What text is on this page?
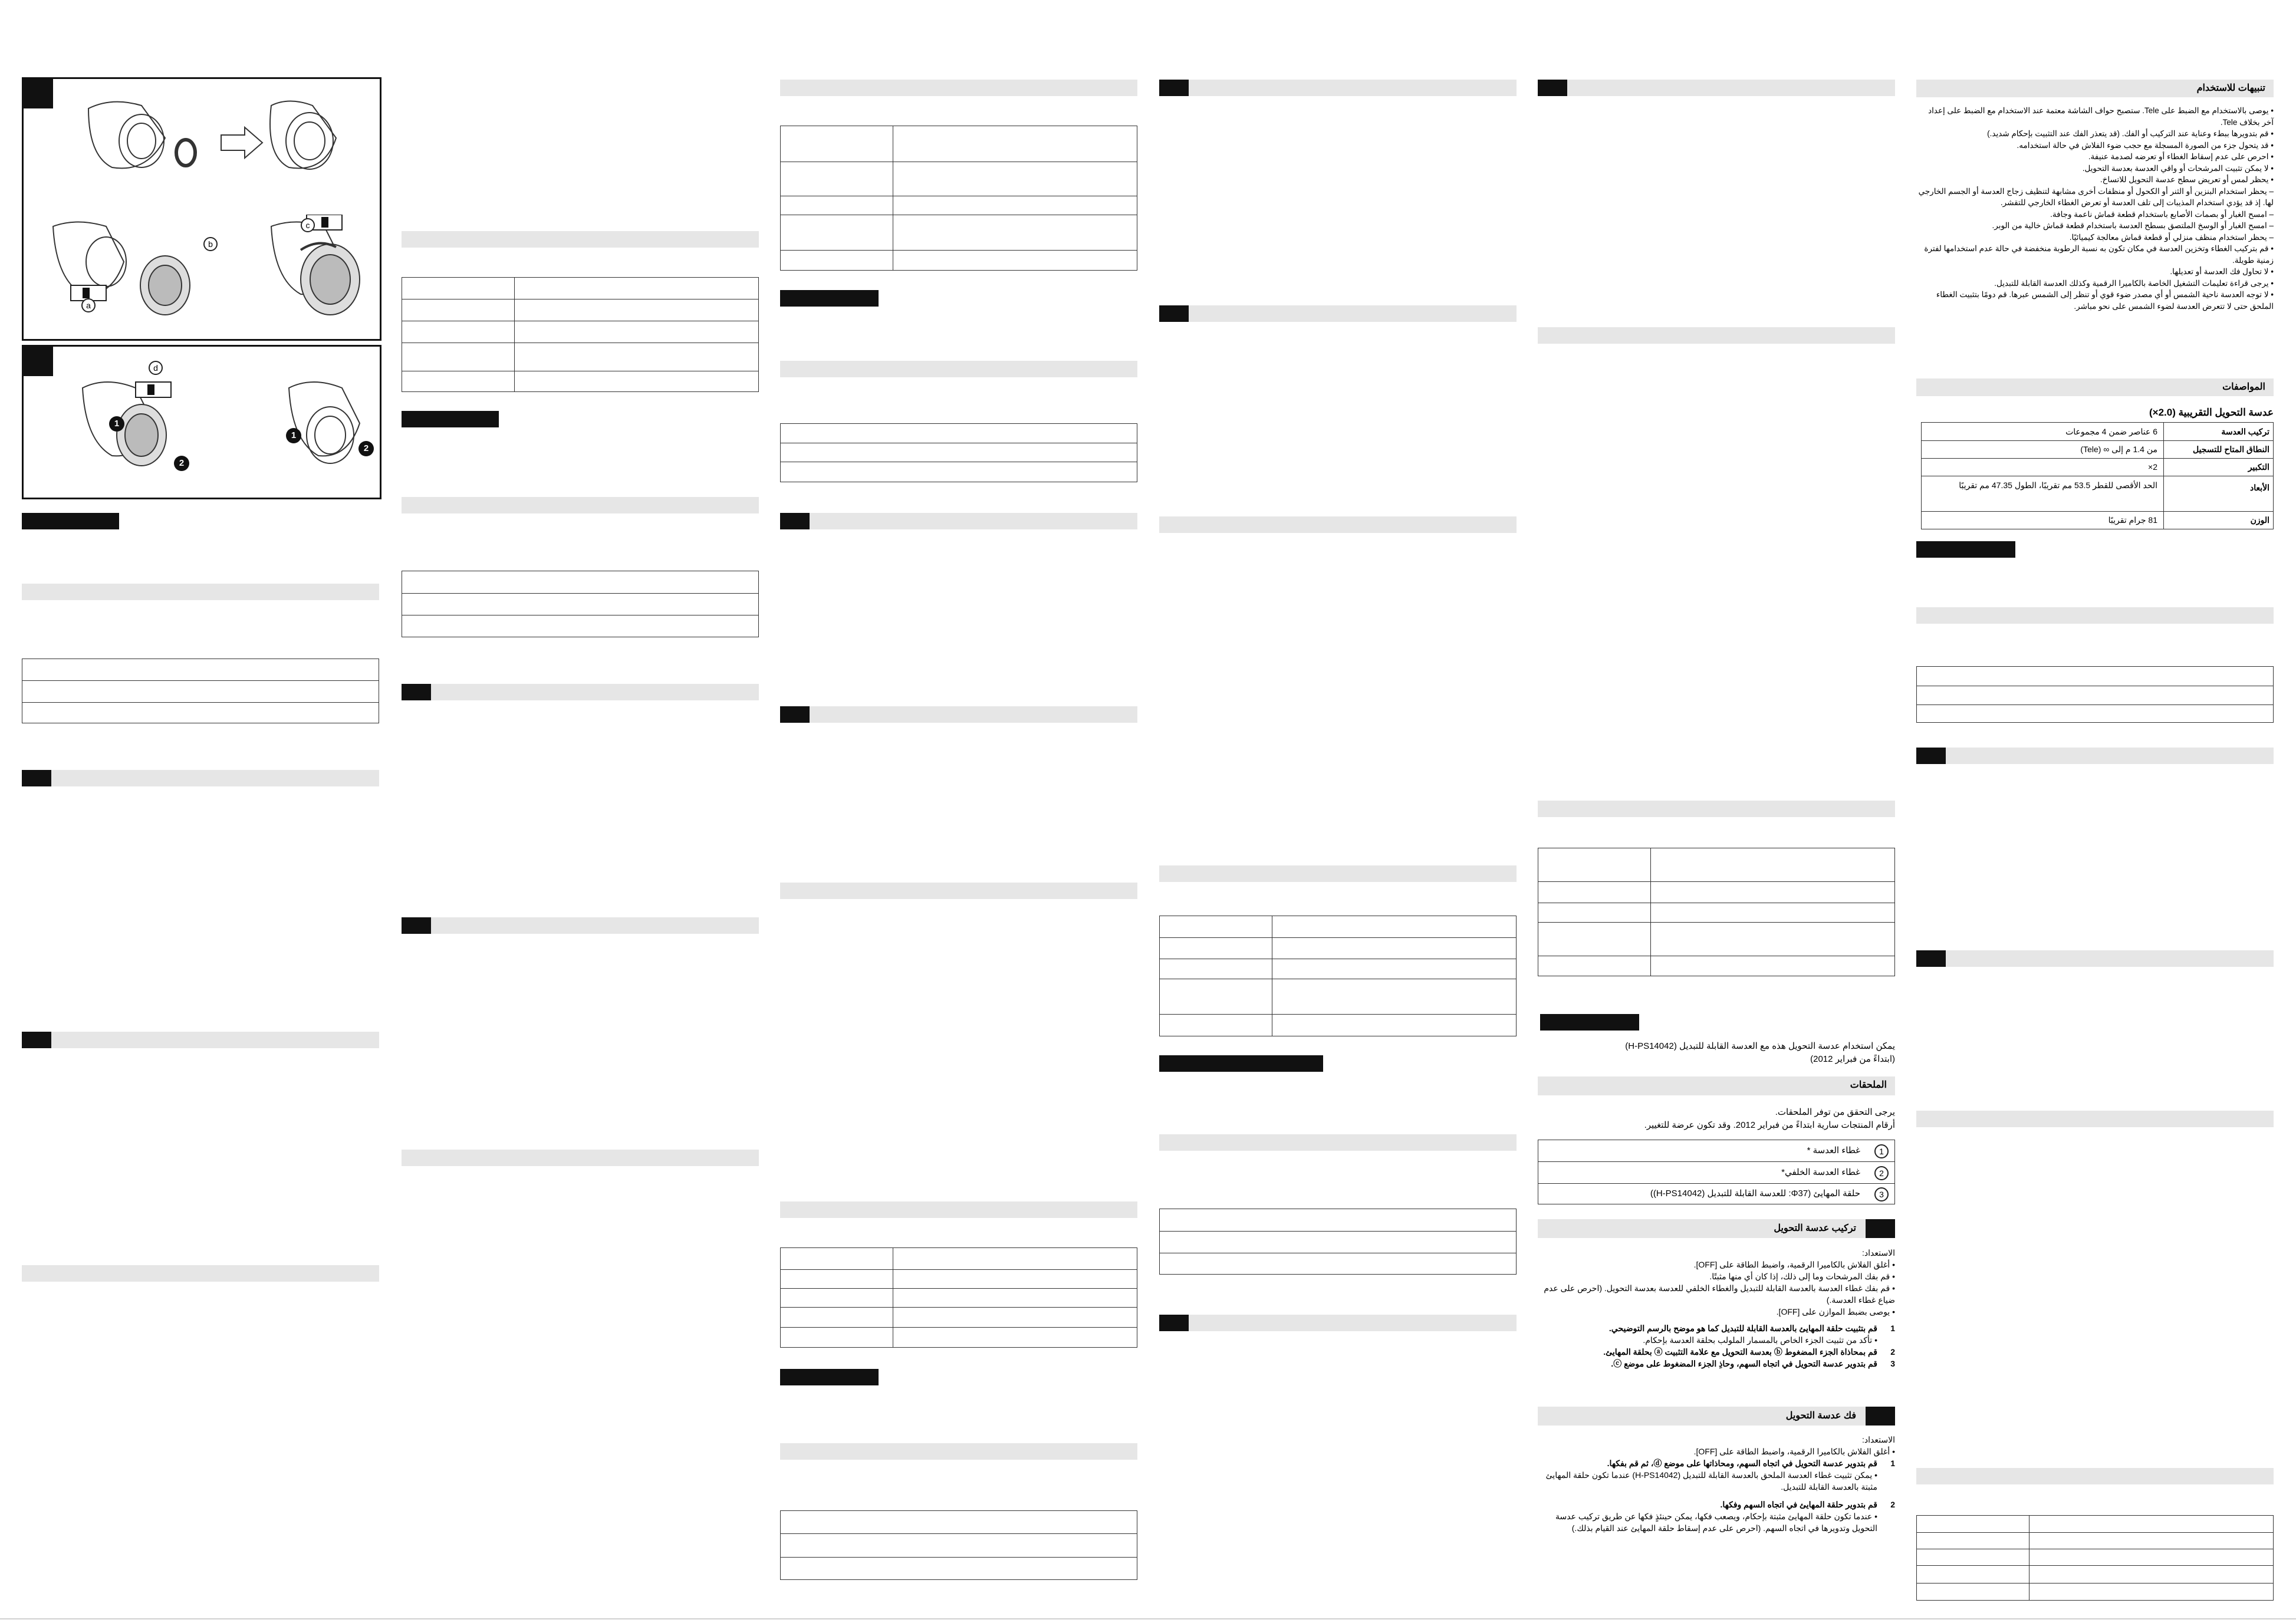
a
b
c
d
1
2
1
2
يمكن استخدام عدسة التحويل هذه مع العدسة القابلة للتبديل (H-PS14042)
(ابتداءً من فبراير 2012)
الملحقات
يرجى التحقق من توفر الملحقات.
أرقام المنتجات سارية ابتداءً من فبراير 2012. وقد تكون عرضة للتغيير.
1
غطاء العدسة *
2
غطاء العدسة الخلفي*
3
حلقة المهايئ (Φ37: للعدسة القابلة للتبديل (H-PS14042))
تركيب عدسة التحويل
الاستعداد:
• أغلق الفلاش بالكاميرا الرقمية، واضبط الطاقة على [OFF].
• قم بفك المرشحات وما إلى ذلك، إذا كان أي منها مثبتًا.
• قم بفك غطاء العدسة بالعدسة القابلة للتبديل والغطاء الخلفي للعدسة بعدسة التحويل. (احرص على عدم ضياع غطاء العدسة.)
• يوصى بضبط الموازن على [OFF].
1
قم بتثبيت حلقة المهايئ بالعدسة القابلة للتبديل كما هو موضح بالرسم التوضيحي.
• تأكد من تثبيت الجزء الخاص بالمسمار الملولب بحلقة العدسة بإحكام.
2
قم بمحاذاة الجزء المضغوط ⓑ بعدسة التحويل مع علامة التثبيت ⓐ بحلقة المهايئ.
3
قم بتدوير عدسة التحويل في اتجاه السهم، وحاذِ الجزء المضغوط على موضع ⓒ.
فك عدسة التحويل
الاستعداد:
• أغلق الفلاش بالكاميرا الرقمية، واضبط الطاقة على [OFF].
1
قم بتدوير عدسة التحويل في اتجاه السهم، ومحاذاتها على موضع ⓓ، ثم قم بفكها.
• يمكن تثبيت غطاء العدسة الملحق بالعدسة القابلة للتبديل (H-PS14042) عندما تكون حلقة المهايئ مثبتة بالعدسة القابلة للتبديل.
2
قم بتدوير حلقة المهايئ في اتجاه السهم وفكها.
• عندما تكون حلقة المهايئ مثبتة بإحكام، ويصعب فكها، يمكن حينئذٍ فكها عن طريق تركيب عدسة التحويل وتدويرها في اتجاه السهم. (احرص على عدم إسقاط حلقة المهايئ عند القيام بذلك.)
تنبيهات للاستخدام
• يوصى بالاستخدام مع الضبط على Tele. ستصبح حواف الشاشة معتمة عند الاستخدام مع الضبط على إعداد آخر بخلاف Tele.
• قم بتدويرها ببطء وعناية عند التركيب أو الفك. (قد يتعذر الفك عند التثبيت بإحكام شديد.)
• قد يتحول جزء من الصورة المسجلة مع حجب ضوء الفلاش في حالة استخدامه.
• احرص على عدم إسقاط الغطاء أو تعرضه لصدمة عنيفة.
• لا يمكن تثبيت المرشحات أو واقي العدسة بعدسة التحويل.
• يحظر لمس أو تعريض سطح عدسة التحويل للاتساخ.
– يحظر استخدام البنزين أو الثنر أو الكحول أو منظفات أخرى مشابهة لتنظيف زجاج العدسة أو الجسم الخارجي لها. إذ قد يؤدي استخدام المذيبات إلى تلف العدسة أو تعرض الغطاء الخارجي للتقشر.
– امسح الغبار أو بصمات الأصابع باستخدام قطعة قماش ناعمة وجافة.
– امسح الغبار أو الوسخ الملتصق بسطح العدسة باستخدام قطعة قماش خالية من الوبر.
– يحظر استخدام منظف منزلي أو قطعة قماش معالجة كيميائيًا.
• قم بتركيب الغطاء وتخزين العدسة في مكان تكون به نسبة الرطوبة منخفضة في حالة عدم استخدامها لفترة زمنية طويلة.
• لا تحاول فك العدسة أو تعديلها.
• يرجى قراءة تعليمات التشغيل الخاصة بالكاميرا الرقمية وكذلك العدسة القابلة للتبديل.
• لا توجه العدسة ناحية الشمس أو أي مصدر ضوء قوي أو تنظر إلى الشمس عبرها. قم دومًا بتثبيت الغطاء الملحق حتى لا تتعرض العدسة لضوء الشمس على نحو مباشر.
المواصفات
عدسة التحويل التقريبية (2.0×)
تركيب العدسة
6 عناصر ضمن 4 مجموعات
النطاق المتاح للتسجيل
من 1.4 م إلى ∞ (Tele)
التكبير
2×
الأبعاد
الحد الأقصى للقطر 53.5 مم تقريبًا، الطول 47.35 مم تقريبًا
الوزن
81 جرام تقريبًا
